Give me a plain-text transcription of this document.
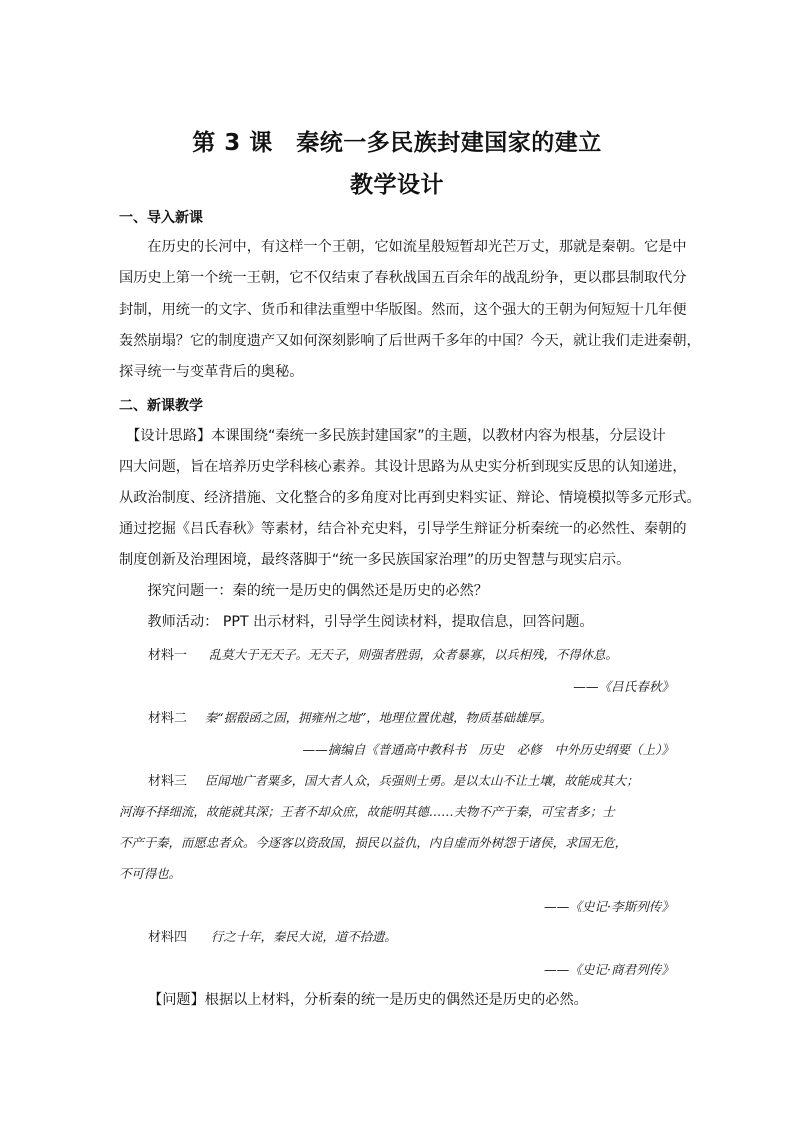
第 3 课　秦统一多民族封建国家的建立
教学设计
一、导入新课
　　在历史的长河中，有这样一个王朝，它如流星般短暂却光芒万丈，那就是秦朝。它是中
国历史上第一个统一王朝，它不仅结束了春秋战国五百余年的战乱纷争，更以郡县制取代分
封制，用统一的文字、货币和律法重塑中华版图。然而，这个强大的王朝为何短短十几年便
轰然崩塌？它的制度遗产又如何深刻影响了后世两千多年的中国？今天，就让我们走进秦朝，
探寻统一与变革背后的奥秘。
二、新课教学
　【设计思路】本课围绕“秦统一多民族封建国家”的主题，以教材内容为根基，分层设计
四大问题，旨在培养历史学科核心素养。其设计思路为从史实分析到现实反思的认知递进，
从政治制度、经济措施、文化整合的多角度对比再到史料实证、辩论、情境模拟等多元形式。
通过挖掘《吕氏春秋》等素材，结合补充史料，引导学生辩证分析秦统一的必然性、秦朝的
制度创新及治理困境，最终落脚于“统一多民族国家治理”的历史智慧与现实启示。
　　探究问题一：秦的统一是历史的偶然还是历史的必然？
　　教师活动： PPT 出示材料，引导学生阅读材料，提取信息，回答问题。
材料一 乱莫大于无天子。无天子，则强者胜弱，众者暴寡，以兵相残，不得休息。
——《吕氏春秋》
材料二 秦“据殽函之固，拥雍州之地”，地理位置优越，物质基础雄厚。
——摘编自《普通高中教科书　历史　必修　中外历史纲要（上）》
材料三 臣闻地广者粟多，国大者人众，兵强则士勇。是以太山不让土壤，故能成其大；
河海不择细流，故能就其深；王者不却众庶，故能明其德……夫物不产于秦，可宝者多；士
不产于秦，而愿忠者众。今逐客以资敌国，损民以益仇，内自虚而外树怨于诸侯，求国无危，
不可得也。
——《史记·李斯列传》
材料四 行之十年，秦民大说，道不拾遗。
——《史记·商君列传》
【问题】根据以上材料，分析秦的统一是历史的偶然还是历史的必然。
